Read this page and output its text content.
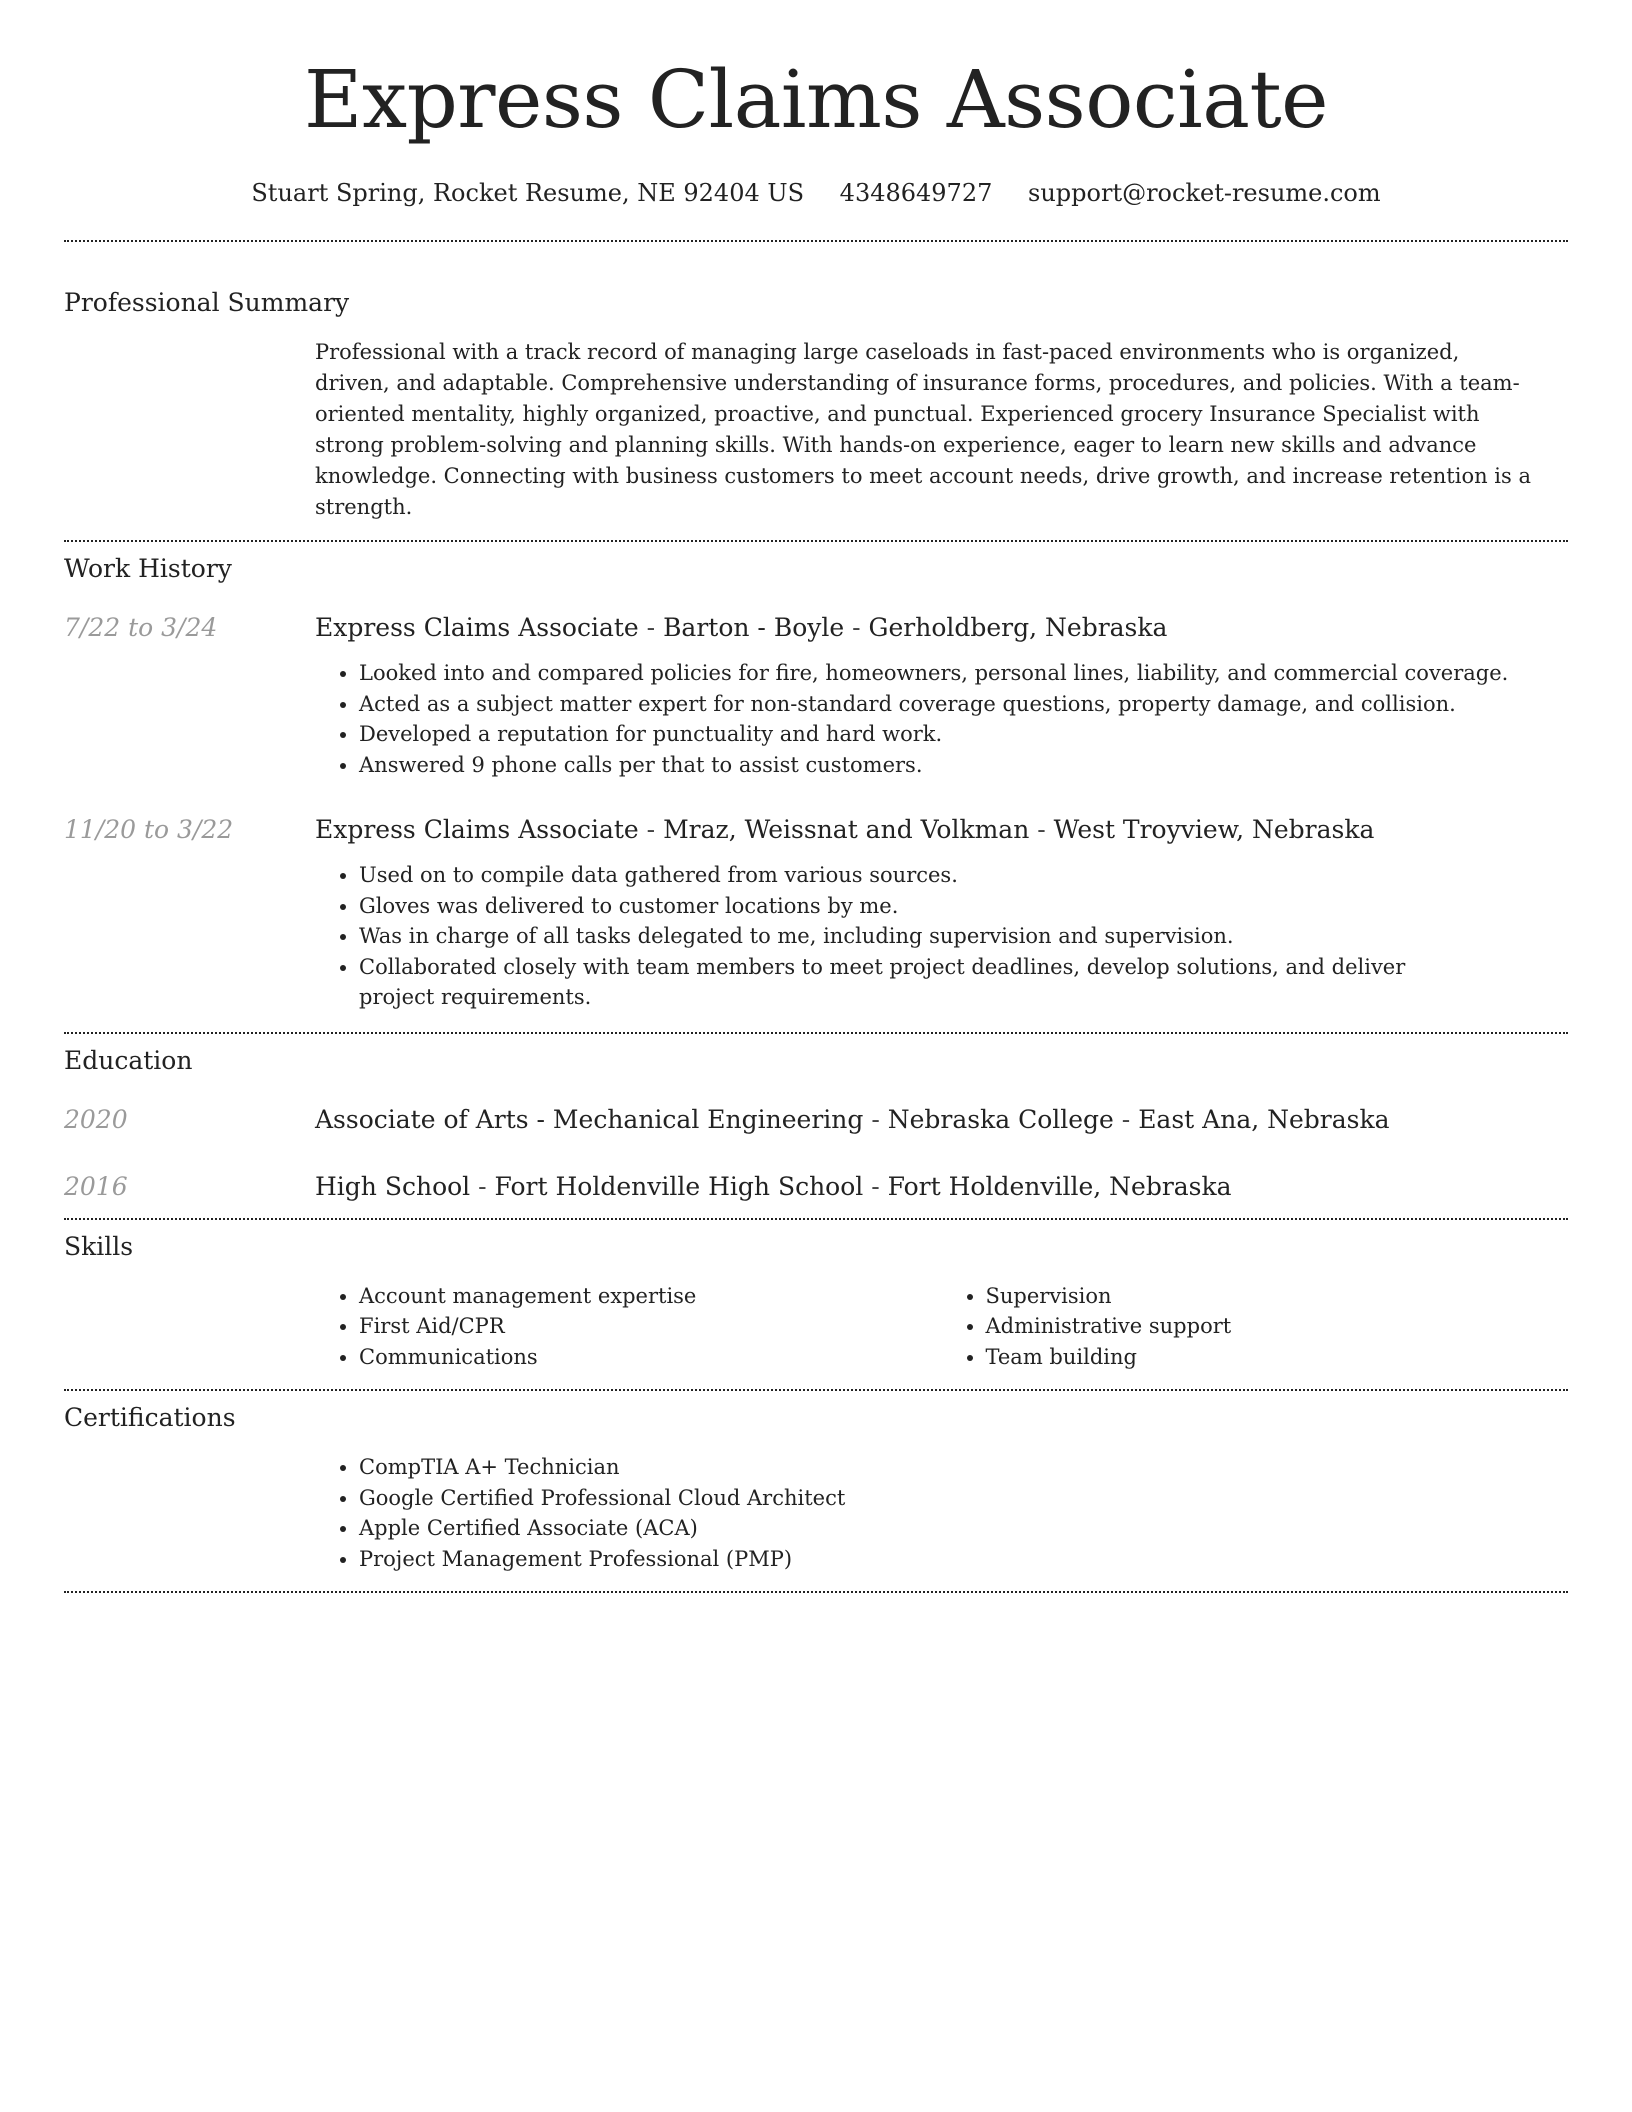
Express Claims Associate
Stuart Spring, Rocket Resume, NE 92404 US 4348649727 support@rocket-resume.com
Professional Summary

Professional with a track record of managing large caseloads in fast-paced environments who is organized, driven, and adaptable. Comprehensive understanding of insurance forms, procedures, and policies. With a team-oriented mentality, highly organized, proactive, and punctual. Experienced grocery Insurance Specialist with strong problem-solving and planning skills. With hands-on experience, eager to learn new skills and advance knowledge. Connecting with business customers to meet account needs, drive growth, and increase retention is a strength.

Work History
7/22 to 3/24	Express Claims Associate - Barton - Boyle - Gerholdberg, Nebraska
• Looked into and compared policies for fire, homeowners, personal lines, liability, and commercial coverage.
• Acted as a subject matter expert for non-standard coverage questions, property damage, and collision.
• Developed a reputation for punctuality and hard work.
• Answered 9 phone calls per that to assist customers.
11/20 to 3/22	Express Claims Associate - Mraz, Weissnat and Volkman - West Troyview, Nebraska
• Used on to compile data gathered from various sources.
• Gloves was delivered to customer locations by me.
• Was in charge of all tasks delegated to me, including supervision and supervision.
• Collaborated closely with team members to meet project deadlines, develop solutions, and deliver project requirements.
Education
2020	Associate of Arts - Mechanical Engineering - Nebraska College - East Ana, Nebraska
2016	High School - Fort Holdenville High School - Fort Holdenville, Nebraska
Skills
• Account management expertise
• First Aid/CPR
• Communications
• Supervision
• Administrative support
• Team building
Certifications
• CompTIA A+ Technician
• Google Certified Professional Cloud Architect
• Apple Certified Associate (ACA)
• Project Management Professional (PMP)
